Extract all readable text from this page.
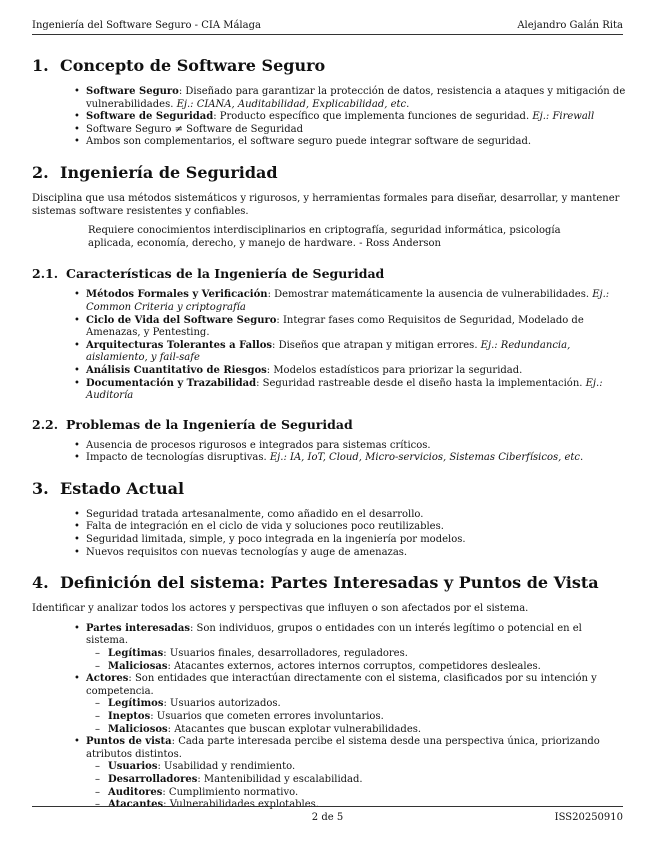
Ingeniería del Software Seguro - CIA Málaga	Alejandro Galán Rita
1. Concepto de Software Seguro
• Software Seguro: Diseñado para garantizar la protección de datos, resistencia a ataques y mitigación de vulnerabilidades. Ej.: CIANA, Auditabilidad, Explicabilidad, etc.
• Software de Seguridad: Producto específico que implementa funciones de seguridad. Ej.: Firewall
• Software Seguro ≠ Software de Seguridad
• Ambos son complementarios, el software seguro puede integrar software de seguridad.
2. Ingeniería de Seguridad

Disciplina que usa métodos sistemáticos y rigurosos, y herramientas formales para diseñar, desarrollar, y mantener sistemas software resistentes y confiables.

Requiere conocimientos interdisciplinarios en criptografía, seguridad informática, psicología aplicada, economía, derecho, y manejo de hardware. - Ross Anderson

2.1. Características de la Ingeniería de Seguridad
• Métodos Formales y Verificación: Demostrar matemáticamente la ausencia de vulnerabilidades. Ej.: Common Criteria y criptografía
• Ciclo de Vida del Software Seguro: Integrar fases como Requisitos de Seguridad, Modelado de Amenazas, y Pentesting.
• Arquitecturas Tolerantes a Fallos: Diseños que atrapan y mitigan errores. Ej.: Redundancia, aislamiento, y fail-safe
• Análisis Cuantitativo de Riesgos: Modelos estadísticos para priorizar la seguridad.
• Documentación y Trazabilidad: Seguridad rastreable desde el diseño hasta la implementación. Ej.: Auditoría
2.2. Problemas de la Ingeniería de Seguridad
• Ausencia de procesos rigurosos e integrados para sistemas críticos.
• Impacto de tecnologías disruptivas. Ej.: IA, IoT, Cloud, Micro-servicios, Sistemas Ciberfísicos, etc.
3. Estado Actual
• Seguridad tratada artesanalmente, como añadido en el desarrollo.
• Falta de integración en el ciclo de vida y soluciones poco reutilizables.
• Seguridad limitada, simple, y poco integrada en la ingeniería por modelos.
• Nuevos requisitos con nuevas tecnologías y auge de amenazas.
4. Definición del sistema: Partes Interesadas y Puntos de Vista

Identificar y analizar todos los actores y perspectivas que influyen o son afectados por el sistema.

• Partes interesadas: Son individuos, grupos o entidades con un interés legítimo o potencial en el sistema.
– Legítimas: Usuarios finales, desarrolladores, reguladores.
– Maliciosas: Atacantes externos, actores internos corruptos, competidores desleales.
• Actores: Son entidades que interactúan directamente con el sistema, clasificados por su intención y competencia.
– Legítimos: Usuarios autorizados.
– Ineptos: Usuarios que cometen errores involuntarios.
– Maliciosos: Atacantes que buscan explotar vulnerabilidades.
• Puntos de vista: Cada parte interesada percibe el sistema desde una perspectiva única, priorizando atributos distintos.
– Usuarios: Usabilidad y rendimiento.
– Desarrolladores: Mantenibilidad y escalabilidad.
– Auditores: Cumplimiento normativo.
– Atacantes: Vulnerabilidades explotables.
2 de 5	ISS20250910
